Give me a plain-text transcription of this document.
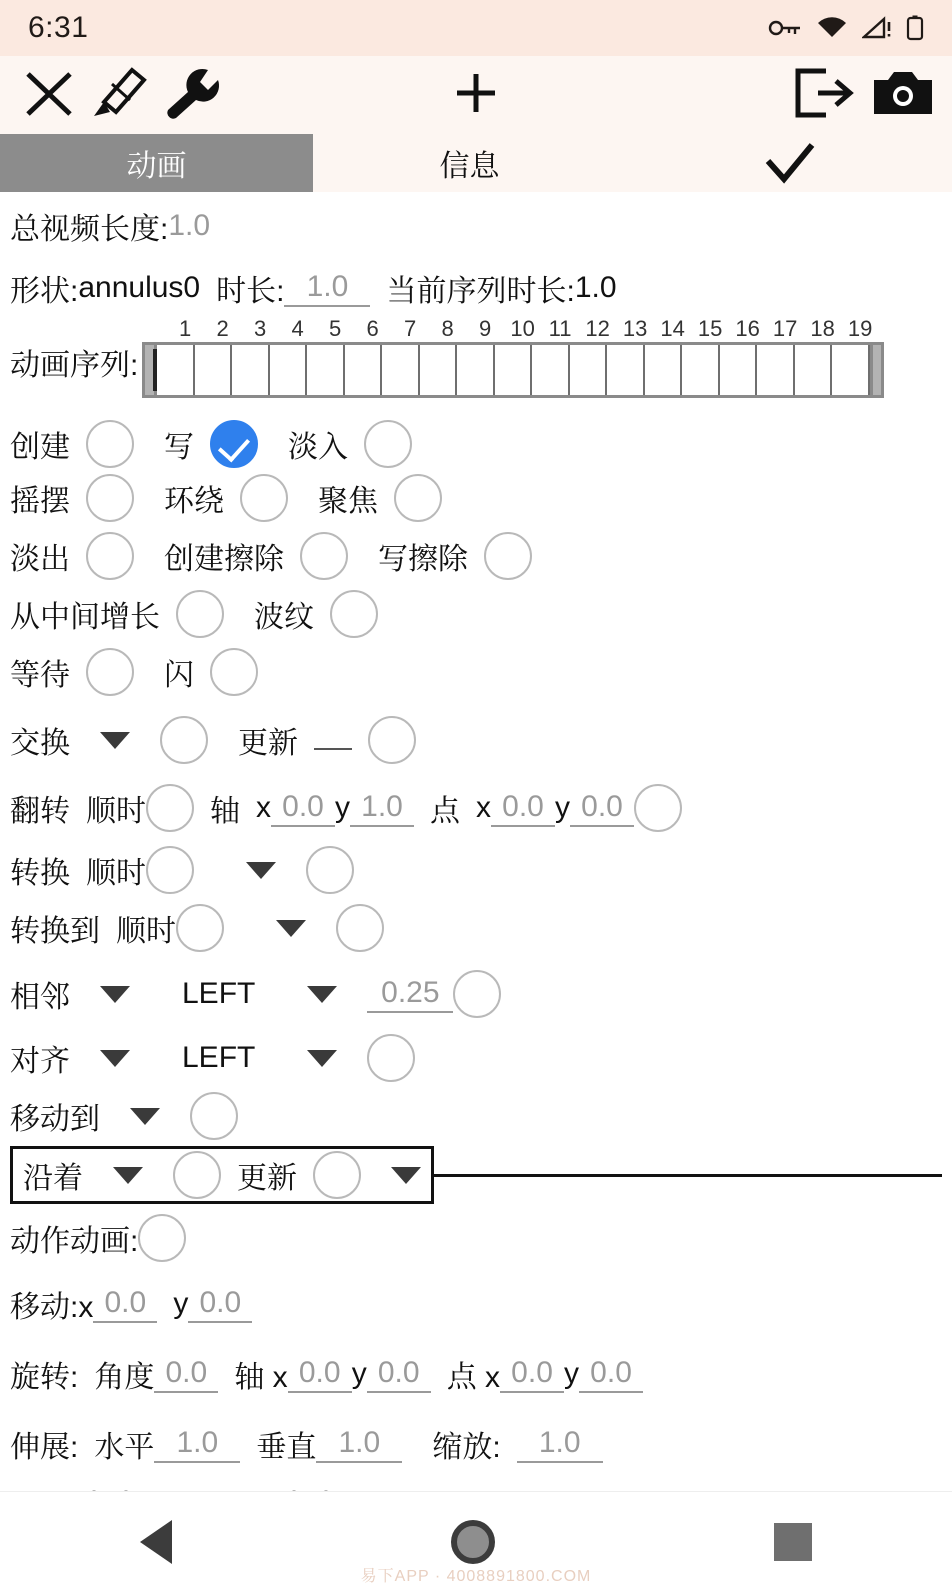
6:31
动画	信息
总视频长度: 1.0
形状: annulus0 时长: 1.0	当前序列时长: 1.0
动画序列:
1	2	3	4	5	6	7	8	9 10 11 12 13 14 15 16 17 18 19
创建	写	淡入
摇摆	环绕	聚焦
淡出	创建擦除	写擦除
从中间增长	波纹
等待	闪
交换	更新
翻转 顺时 轴 x 0.0 y 1.0 点 x 0.0 y 0.0
转换 顺时
转换到 顺时
相邻	LEFT	0.25
对齐	LEFT
移动到
沿着	更新
动作动画:
移动:x 0.0 y 0.0
旋转: 角度 0.0 轴 x 0.0 y 0.0 点 x 0.0 y 0.0
伸展: 水平 1.0	垂直 1.0	缩放:	1.0
易下APP · 4008891800.COM
